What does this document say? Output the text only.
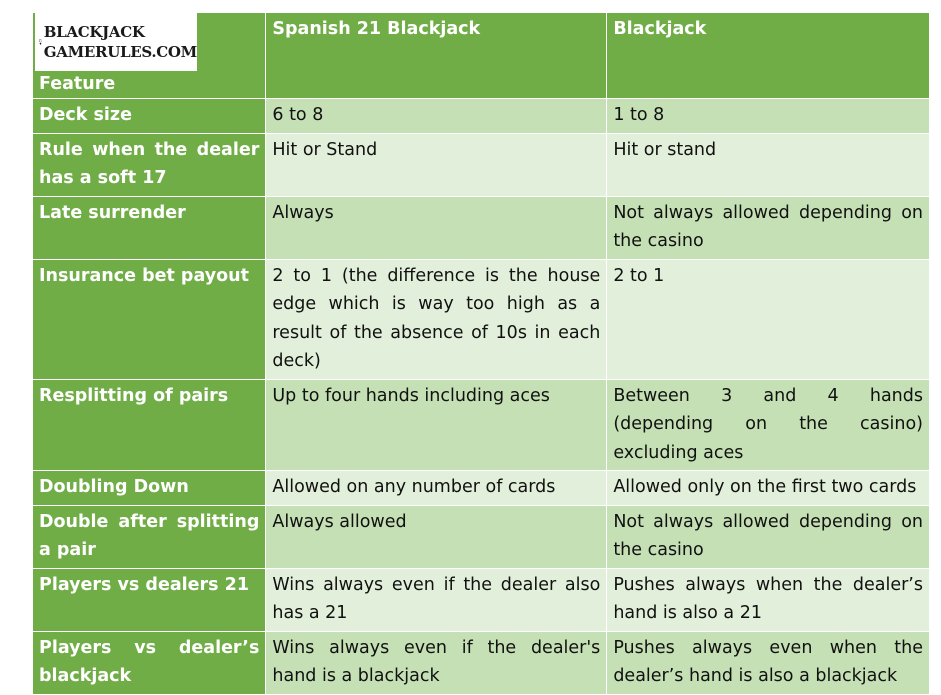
BLACKJACK
GAMERULES.COM
Feature	Spanish 21 Blackjack	Blackjack
Deck size	6 to 8	1 to 8
Rule when the dealer has a soft 17	Hit or Stand	Hit or stand
Late surrender	Always	Not always allowed depending on the casino
Insurance bet payout	2 to 1 (the difference is the house edge which is way too high as a result of the absence of 10s in each deck)	2 to 1
Resplitting of pairs	Up to four hands including aces	Between 3 and 4 hands (depending on the casino) excluding aces
Doubling Down	Allowed on any number of cards	Allowed only on the first two cards
Double after splitting a pair	Always allowed	Not always allowed depending on the casino
Players vs dealers 21	Wins always even if the dealer also has a 21	Pushes always when the dealer’s hand is also a 21
Players vs dealer’s blackjack	Wins always even if the dealer's hand is a blackjack	Pushes always even when the dealer’s hand is also a blackjack
